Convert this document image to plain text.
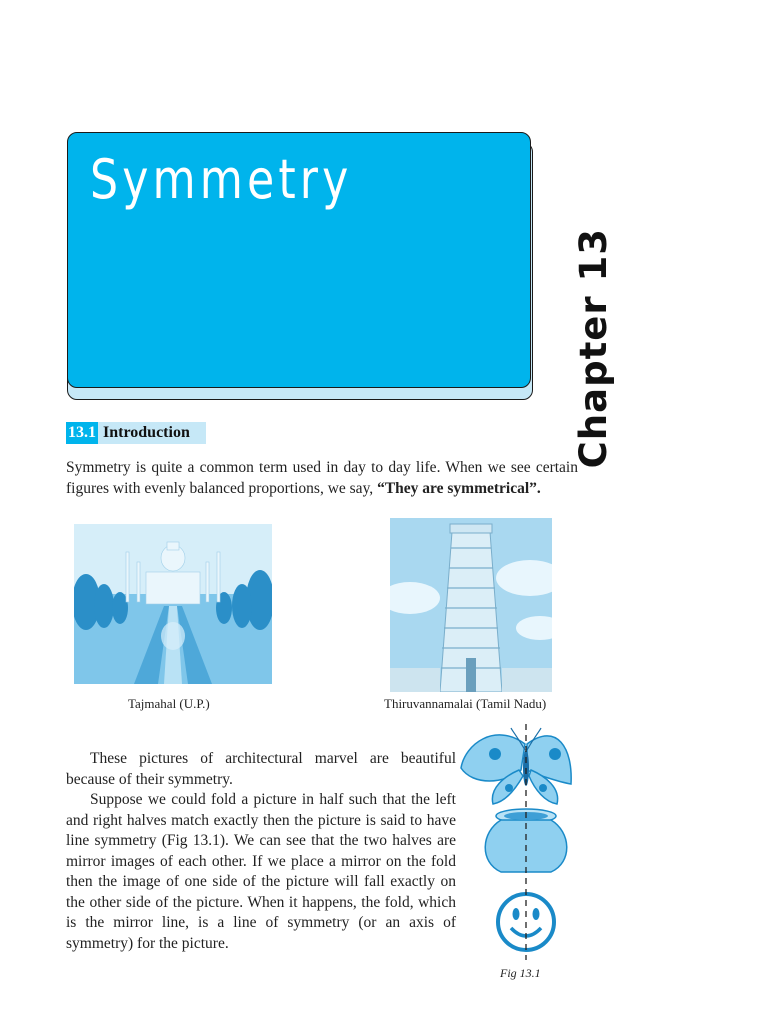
Symmetry
Chapter 13
13.1 Introduction
Symmetry is quite a common term used in day to day life. When we see certain figures with evenly balanced proportions, we say, “They are symmetrical”.
Tajmahal (U.P.)	Thiruvannamalai (Tamil Nadu)
These pictures of architectural marvel are beautiful because of their symmetry.
Suppose we could fold a picture in half such that the left and right halves match exactly then the picture is said to have line symmetry (Fig 13.1). We can see that the two halves are mirror images of each other. If we place a mirror on the fold then the image of one side of the picture will fall exactly on the other side of the picture. When it happens, the fold, which is the mirror line, is a line of symmetry (or an axis of symmetry) for the picture.
Fig 13.1
